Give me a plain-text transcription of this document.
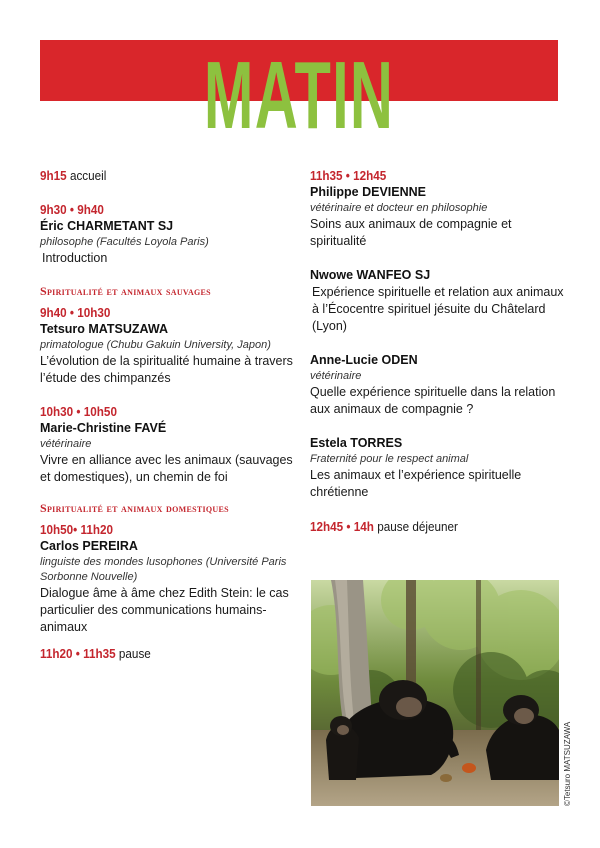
MATIN
9h15 accueil
9h30 • 9h40
Éric CHARMETANT SJ
philosophe (Facultés Loyola Paris)
Introduction
Spiritualité et animaux sauvages
9h40 • 10h30
Tetsuro MATSUZAWA
primatologue (Chubu Gakuin University, Japon)
L’évolution de la spiritualité humaine à travers l’étude des chimpanzés
10h30 • 10h50
Marie-Christine FAVÉ
vétérinaire
Vivre en alliance avec les animaux (sauvages et domestiques), un chemin de foi
Spiritualité et animaux domestiques
10h50• 11h20
Carlos PEREIRA
linguiste des mondes lusophones (Université Paris Sorbonne Nouvelle)
Dialogue âme à âme chez Edith Stein: le cas particulier des communications humains-animaux
11h20 • 11h35 pause
11h35 • 12h45
Philippe DEVIENNE
vétérinaire et docteur en philosophie
Soins aux animaux de compagnie et spiritualité
Nwowe WANFEO SJ
Expérience spirituelle et relation aux animaux à l’Écocentre spirituel jésuite du Châtelard (Lyon)
Anne-Lucie ODEN
vétérinaire
Quelle expérience spirituelle dans la relation aux animaux de compagnie ?
Estela TORRES
Fraternité pour le respect animal
Les animaux et l’expérience spirituelle chrétienne
12h45 • 14h pause déjeuner
©Tetsuro MATSUZAWA
